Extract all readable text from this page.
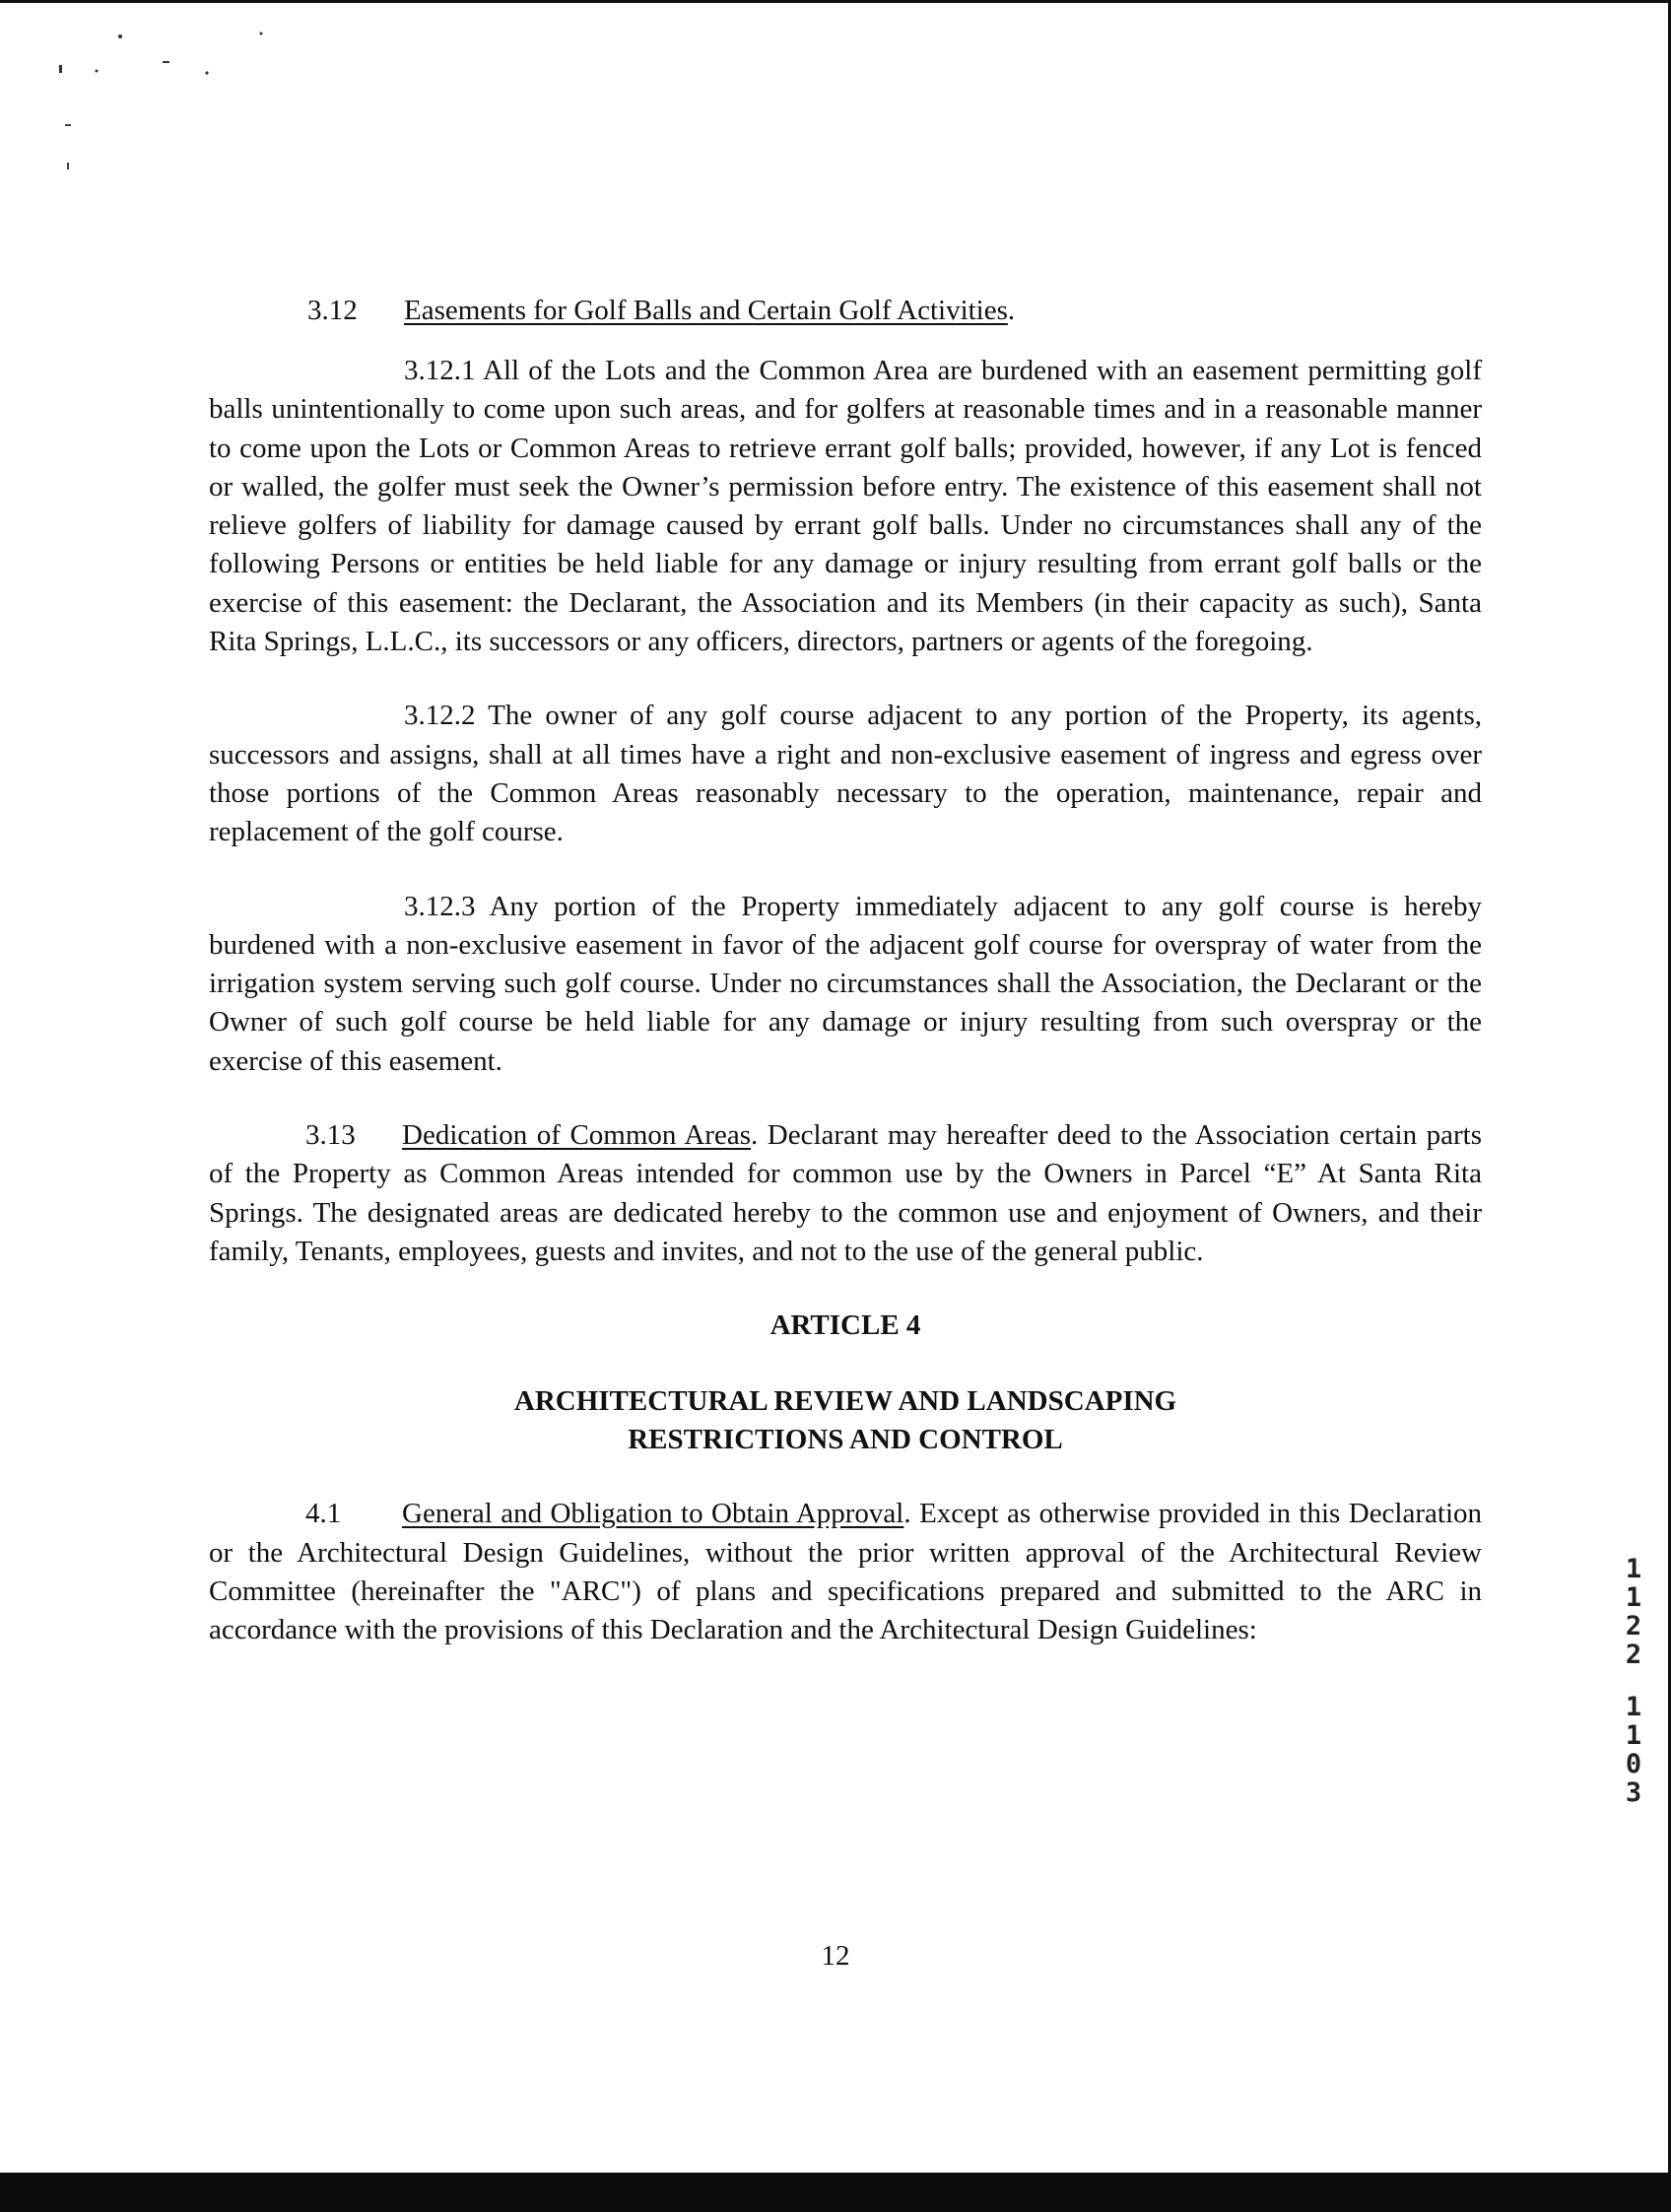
3.12 Easements for Golf Balls and Certain Golf Activities.

3.12.1 All of the Lots and the Common Area are burdened with an easement permitting golf balls unintentionally to come upon such areas, and for golfers at reasonable times and in a reasonable manner to come upon the Lots or Common Areas to retrieve errant golf balls; provided, however, if any Lot is fenced or walled, the golfer must seek the Owner’s permission before entry. The existence of this easement shall not relieve golfers of liability for damage caused by errant golf balls. Under no circumstances shall any of the following Persons or entities be held liable for any damage or injury resulting from errant golf balls or the exercise of this easement: the Declarant, the Association and its Members (in their capacity as such), Santa Rita Springs, L.L.C., its successors or any officers, directors, partners or agents of the foregoing.

3.12.2 The owner of any golf course adjacent to any portion of the Property, its agents, successors and assigns, shall at all times have a right and non-exclusive easement of ingress and egress over those portions of the Common Areas reasonably necessary to the operation, maintenance, repair and replacement of the golf course.

3.12.3 Any portion of the Property immediately adjacent to any golf course is hereby burdened with a non-exclusive easement in favor of the adjacent golf course for overspray of water from the irrigation system serving such golf course. Under no circumstances shall the Association, the Declarant or the Owner of such golf course be held liable for any damage or injury resulting from such overspray or the exercise of this easement.

3.13 Dedication of Common Areas. Declarant may hereafter deed to the Association certain parts of the Property as Common Areas intended for common use by the Owners in Parcel “E” At Santa Rita Springs. The designated areas are dedicated hereby to the common use and enjoyment of Owners, and their family, Tenants, employees, guests and invites, and not to the use of the general public.

ARTICLE 4
ARCHITECTURAL REVIEW AND LANDSCAPING
RESTRICTIONS AND CONTROL

4.1 General and Obligation to Obtain Approval. Except as otherwise provided in this Declaration or the Architectural Design Guidelines, without the prior written approval of the Architectural Review Committee (hereinafter the "ARC") of plans and specifications prepared and submitted to the ARC in accordance with the provisions of this Declaration and the Architectural Design Guidelines:

1
1
2
2
1
1
0
3
12
